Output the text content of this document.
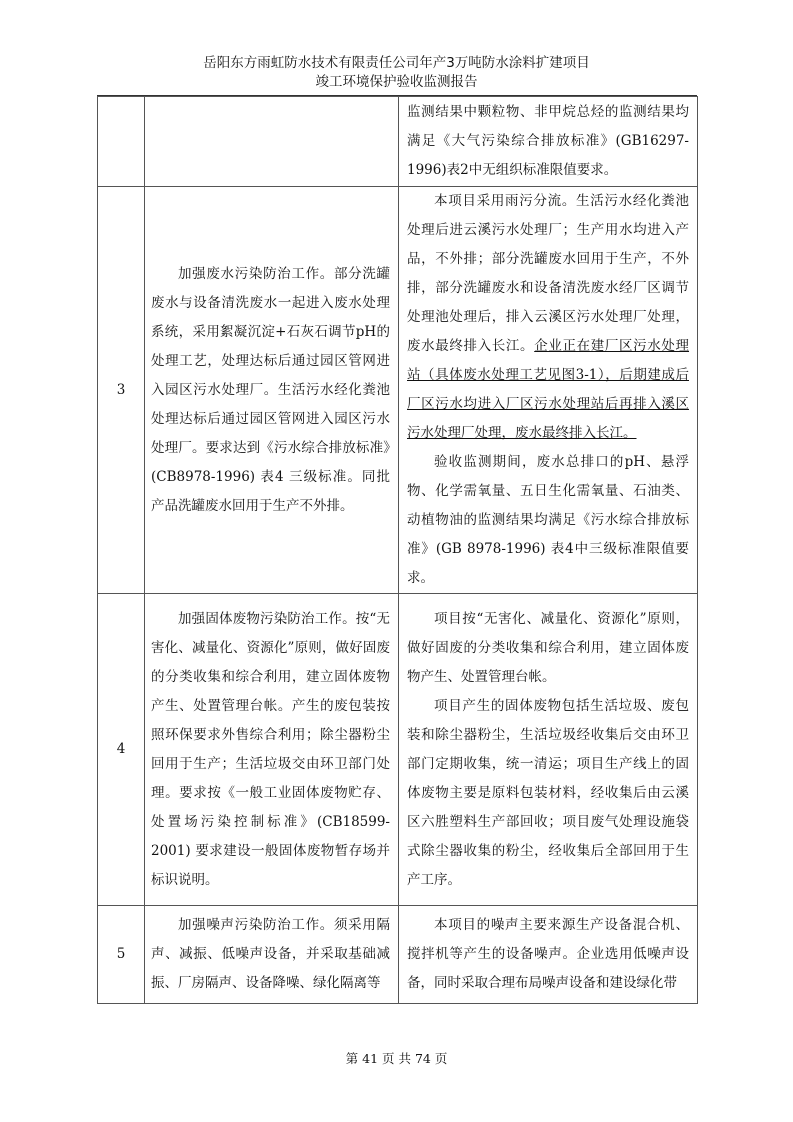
岳阳东方雨虹防水技术有限责任公司年产3万吨防水涂料扩建项目
竣工环境保护验收监测报告

		监测结果中颗粒物、非甲烷总烃的监测结果均满足《大气污染综合排放标准》(GB16297-1996)表2中无组织标准限值要求。

3	加强废水污染防治工作。部分洗罐废水与设备清洗废水一起进入废水处理系统，采用絮凝沉淀+石灰石调节pH的处理工艺，处理达标后通过园区管网进入园区污水处理厂。生活污水经化粪池处理达标后通过园区管网进入园区污水处理厂。要求达到《污水综合排放标准》(CB8978-1996) 表4 三级标准。同批产品洗罐废水回用于生产不外排。	本项目采用雨污分流。生活污水经化粪池处理后进云溪污水处理厂；生产用水均进入产品，不外排；部分洗罐废水回用于生产，不外排，部分洗罐废水和设备清洗废水经厂区调节处理池处理后，排入云溪区污水处理厂处理，废水最终排入长江。企业正在建厂区污水处理站（具体废水处理工艺见图3-1），后期建成后厂区污水均进入厂区污水处理站后再排入溪区污水处理厂处理，废水最终排入长江。

验收监测期间，废水总排口的pH、悬浮物、化学需氧量、五日生化需氧量、石油类、动植物油的监测结果均满足《污水综合排放标准》(GB 8978-1996) 表4中三级标准限值要求。

4	加强固体废物污染防治工作。按“无害化、减量化、资源化”原则，做好固废的分类收集和综合利用，建立固体废物产生、处置管理台帐。产生的废包装按照环保要求外售综合利用；除尘器粉尘回用于生产；生活垃圾交由环卫部门处理。要求按《一般工业固体废物贮存、处置场污染控制标准》(CB18599-2001) 要求建设一般固体废物暂存场并标识说明。	项目按“无害化、减量化、资源化”原则，做好固废的分类收集和综合利用，建立固体废物产生、处置管理台帐。

项目产生的固体废物包括生活垃圾、废包装和除尘器粉尘，生活垃圾经收集后交由环卫部门定期收集，统一清运；项目生产线上的固体废物主要是原料包装材料，经收集后由云溪区六胜塑料生产部回收；项目废气处理设施袋式除尘器收集的粉尘，经收集后全部回用于生产工序。

5	加强噪声污染防治工作。须采用隔声、减振、低噪声设备，并采取基础减振、厂房隔声、设备降噪、绿化隔离等	本项目的噪声主要来源生产设备混合机、搅拌机等产生的设备噪声。企业选用低噪声设备，同时采取合理布局噪声设备和建设绿化带

第 41 页 共 74 页
